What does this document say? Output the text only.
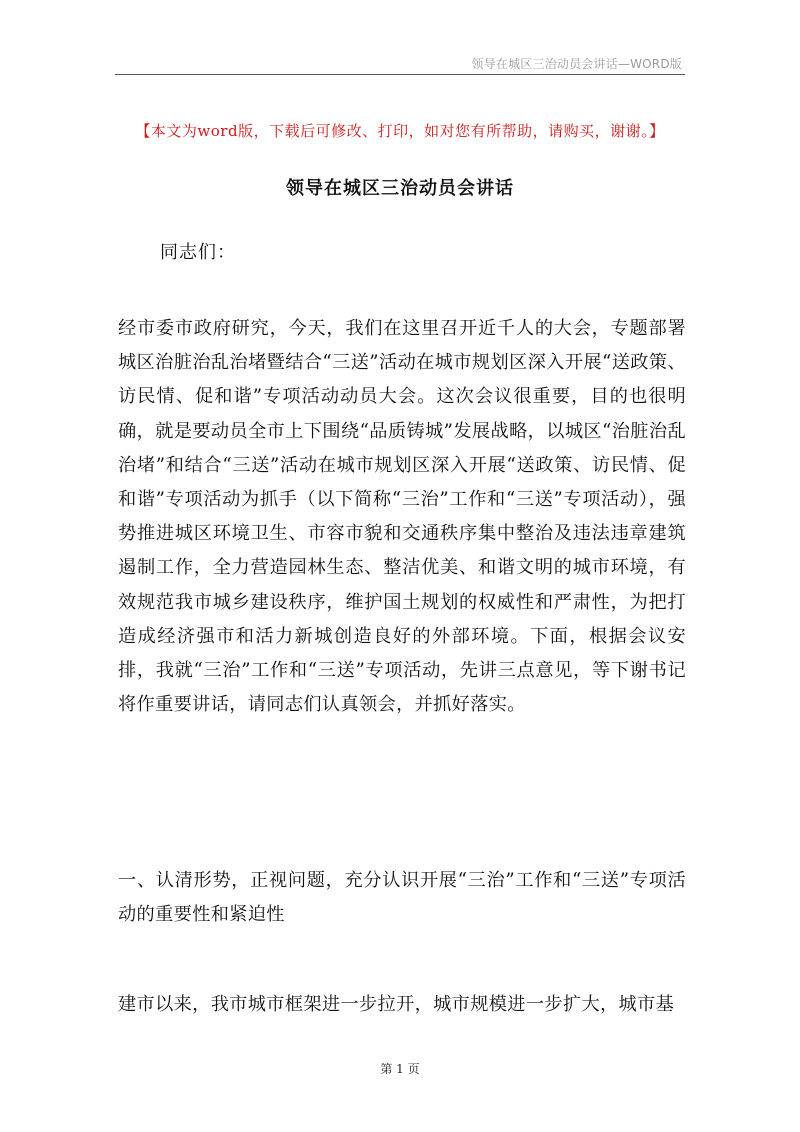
领导在城区三治动员会讲话—WORD版
【本文为word版，下载后可修改、打印，如对您有所帮助，请购买，谢谢。】
领导在城区三治动员会讲话
同志们：
经市委市政府研究，今天，我们在这里召开近千人的大会，专题部署城区治脏治乱治堵暨结合“三送”活动在城市规划区深入开展“送政策、访民情、促和谐”专项活动动员大会。这次会议很重要，目的也很明确，就是要动员全市上下围绕“品质铸城”发展战略，以城区“治脏治乱治堵”和结合“三送”活动在城市规划区深入开展“送政策、访民情、促和谐”专项活动为抓手（以下简称“三治”工作和“三送”专项活动），强势推进城区环境卫生、市容市貌和交通秩序集中整治及违法违章建筑遏制工作，全力营造园林生态、整洁优美、和谐文明的城市环境，有效规范我市城乡建设秩序，维护国土规划的权威性和严肃性，为把打造成经济强市和活力新城创造良好的外部环境。下面，根据会议安排，我就“三治”工作和“三送”专项活动，先讲三点意见，等下谢书记将作重要讲话，请同志们认真领会，并抓好落实。
一、认清形势，正视问题，充分认识开展“三治”工作和“三送”专项活动的重要性和紧迫性
建市以来，我市城市框架进一步拉开，城市规模进一步扩大，城市基
第 1 页
